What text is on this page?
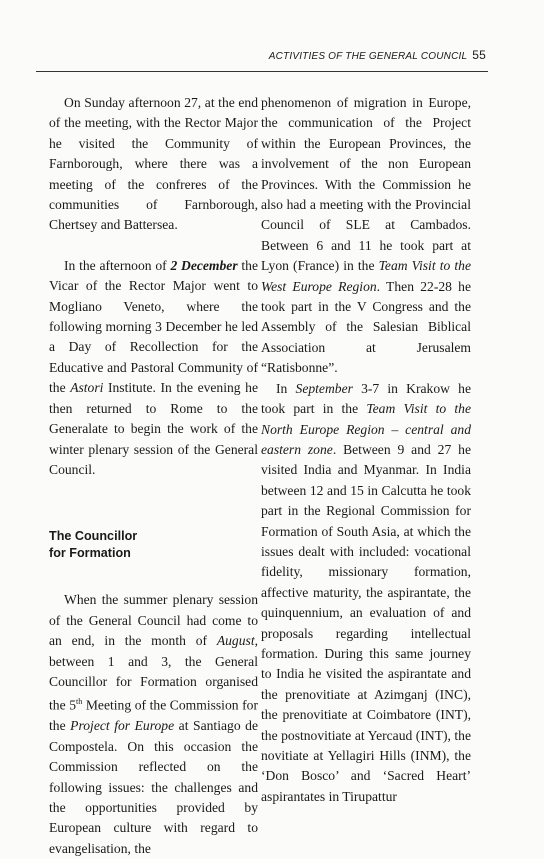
ACTIVITIES OF THE GENERAL COUNCIL 55

On Sunday afternoon 27, at the end of the meeting, with the Rector Major he visited the Community of Farnborough, where there was a meeting of the confreres of the communities of Farnborough, Chertsey and Battersea.

In the afternoon of 2 December the Vicar of the Rector Major went to Mogliano Veneto, where the following morning 3 December he led a Day of Recollection for the Educative and Pastoral Community of the Astori Institute. In the evening he then returned to Rome to the Generalate to begin the work of the winter plenary session of the General Council.

The Councillor
for Formation

When the summer plenary session of the General Council had come to an end, in the month of August, between 1 and 3, the General Councillor for Formation organised the 5th Meeting of the Commission for the Project for Europe at Santiago de Compostela. On this occasion the Commission reflected on the following issues: the challenges and the opportunities provided by European culture with regard to evangelisation, the

phenomenon of migration in Europe, the communication of the Project within the European Provinces, the involvement of the non European Provinces. With the Commission he also had a meeting with the Provincial Council of SLE at Cambados. Between 6 and 11 he took part at Lyon (France) in the Team Visit to the West Europe Region. Then 22-28 he took part in the V Congress and the Assembly of the Salesian Biblical Association at Jerusalem “Ratisbonne”.

In September 3-7 in Krakow he took part in the Team Visit to the North Europe Region – central and eastern zone. Between 9 and 27 he visited India and Myanmar. In India between 12 and 15 in Calcutta he took part in the Regional Commission for Formation of South Asia, at which the issues dealt with included: vocational fidelity, missionary formation, affective maturity, the aspirantate, the quinquennium, an evaluation of and proposals regarding intellectual formation. During this same journey to India he visited the aspirantate and the prenovitiate at Azimganj (INC), the prenovitiate at Coimbatore (INT), the postnovitiate at Yercaud (INT), the novitiate at Yellagiri Hills (INM), the ‘Don Bosco’ and ‘Sacred Heart’ aspirantates in Tirupattur
